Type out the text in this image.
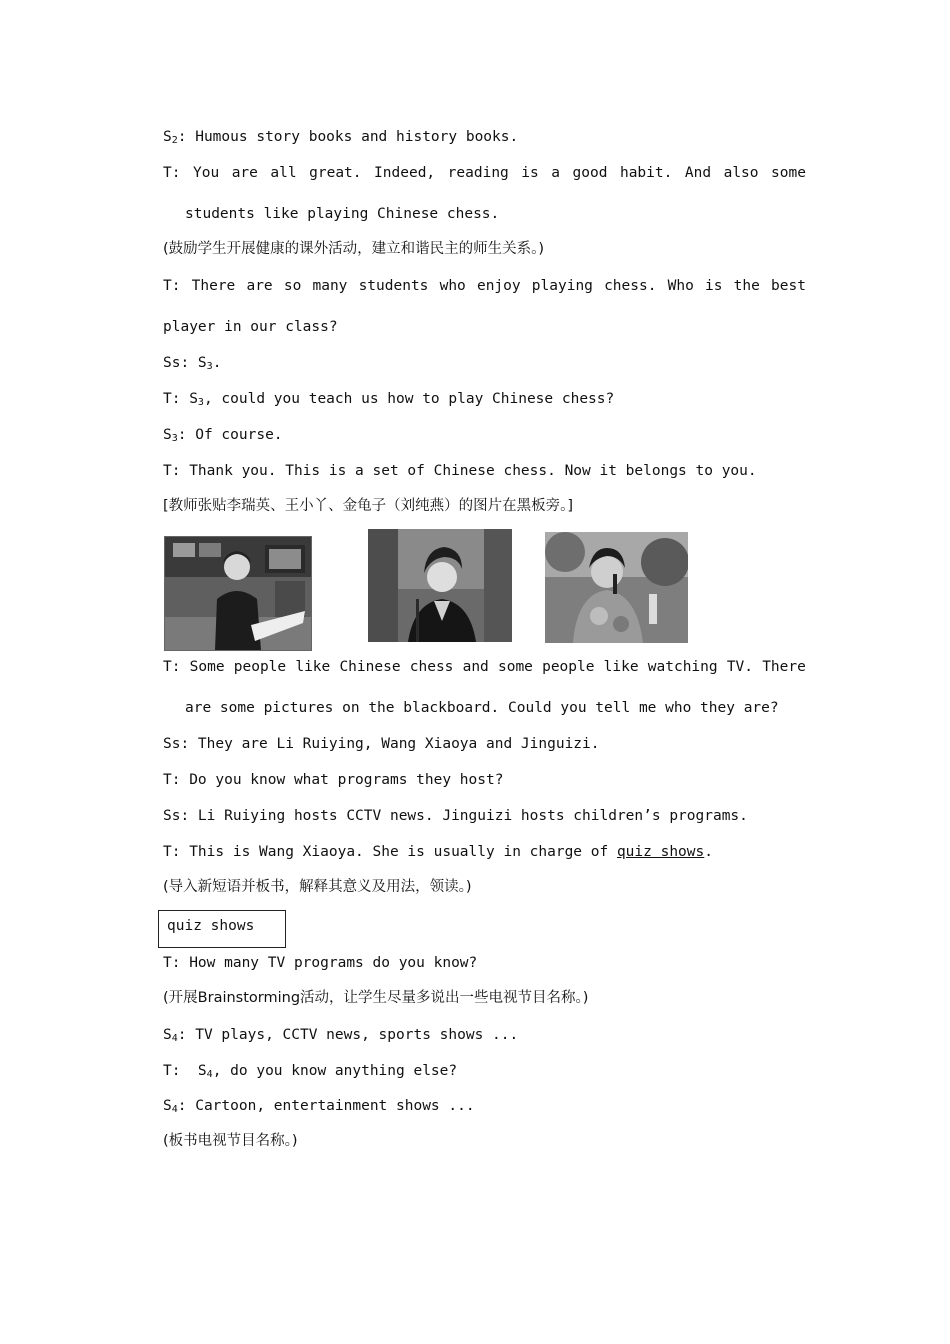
$S_2$: Humous story books and history books.
T: You are all great. Indeed, reading is a good habit. And also some
students like playing Chinese chess.
(鼓励学生开展健康的课外活动，建立和谐民主的师生关系。)
T: There are so many students who enjoy playing chess. Who is the best
player in our class?
Ss: $S_3$.
T: $S_3$, could you teach us how to play Chinese chess?
$S_3$: Of course.
T: Thank you. This is a set of Chinese chess. Now it belongs to you.
[教师张贴李瑞英、王小丫、金龟子（刘纯燕）的图片在黑板旁。]
T: Some people like Chinese chess and some people like watching TV. There
are some pictures on the blackboard. Could you tell me who they are?
Ss: They are Li Ruiying, Wang Xiaoya and Jinguizi.
T: Do you know what programs they host?
Ss: Li Ruiying hosts CCTV news. Jinguizi hosts children’s programs.
T: This is Wang Xiaoya. She is usually in charge of quiz shows.
(导入新短语并板书，解释其意义及用法，领读。)
quiz shows
T: How many TV programs do you know?
(开展Brainstorming活动，让学生尽量多说出一些电视节目名称。)
$S_4$: TV plays, CCTV news, sports shows ...
T:  $S_4$, do you know anything else?
$S_4$: Cartoon, entertainment shows ...
(板书电视节目名称。)
